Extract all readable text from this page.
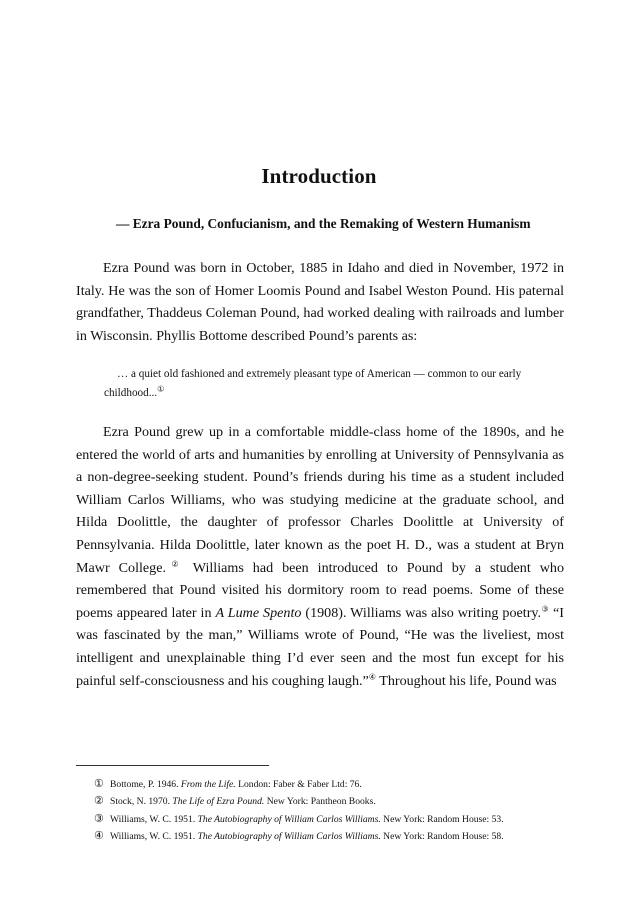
Introduction

— Ezra Pound, Confucianism, and the Remaking of Western Humanism

Ezra Pound was born in October, 1885 in Idaho and died in November, 1972 in Italy. He was the son of Homer Loomis Pound and Isabel Weston Pound. His paternal grandfather, Thaddeus Coleman Pound, had worked dealing with railroads and lumber in Wisconsin. Phyllis Bottome described Pound’s parents as:

… a quiet old fashioned and extremely pleasant type of American — common to our early childhood...①

Ezra Pound grew up in a comfortable middle-class home of the 1890s, and he entered the world of arts and humanities by enrolling at University of Pennsylvania as a non-degree-seeking student. Pound’s friends during his time as a student included William Carlos Williams, who was studying medicine at the graduate school, and Hilda Doolittle, the daughter of professor Charles Doolittle at University of Pennsylvania. Hilda Doolittle, later known as the poet H. D., was a student at Bryn Mawr College.② Williams had been introduced to Pound by a student who remembered that Pound visited his dormitory room to read poems. Some of these poems appeared later in A Lume Spento (1908). Williams was also writing poetry.③ “I was fascinated by the man,” Williams wrote of Pound, “He was the liveliest, most intelligent and unexplainable thing I’d ever seen and the most fun except for his painful self-consciousness and his coughing laugh.”④ Throughout his life, Pound was

① Bottome, P. 1946. From the Life. London: Faber & Faber Ltd: 76.
② Stock, N. 1970. The Life of Ezra Pound. New York: Pantheon Books.
③ Williams, W. C. 1951. The Autobiography of William Carlos Williams. New York: Random House: 53.
④ Williams, W. C. 1951. The Autobiography of William Carlos Williams. New York: Random House: 58.
